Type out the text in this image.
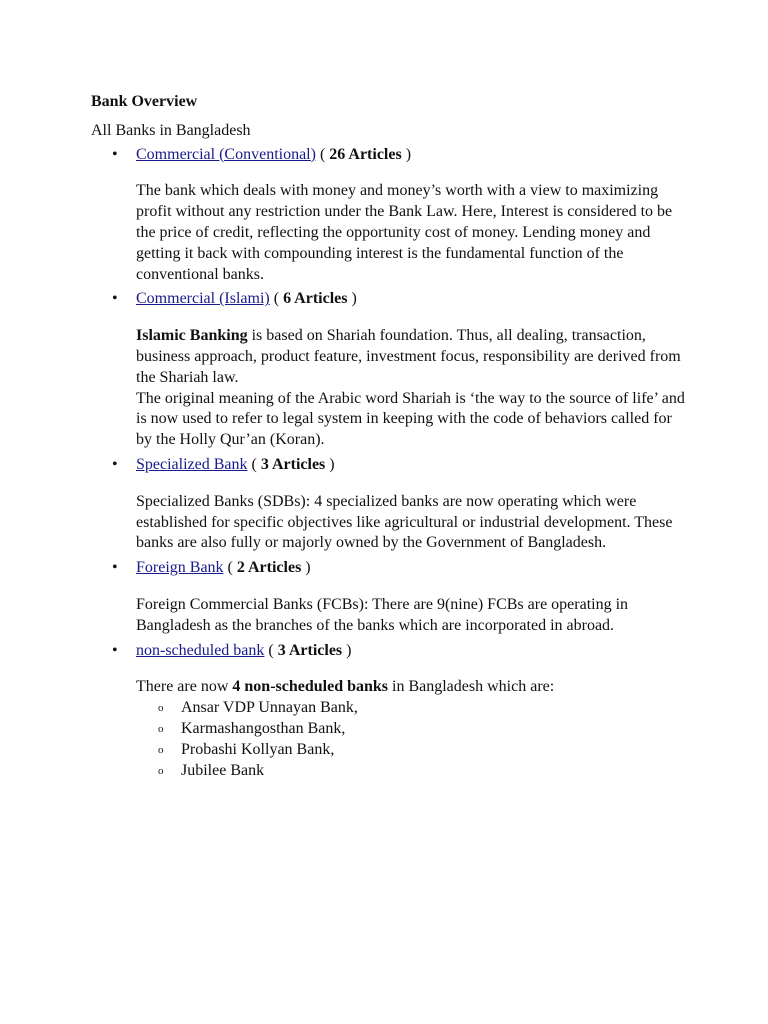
Bank Overview
All Banks in Bangladesh
• Commercial (Conventional) ( 26 Articles )

The bank which deals with money and money’s worth with a view to maximizing profit without any restriction under the Bank Law. Here, Interest is considered to be the price of credit, reflecting the opportunity cost of money. Lending money and getting it back with compounding interest is the fundamental function of the conventional banks.

• Commercial (Islami) ( 6 Articles )

Islamic Banking is based on Shariah foundation. Thus, all dealing, transaction, business approach, product feature, investment focus, responsibility are derived from the Shariah law.

The original meaning of the Arabic word Shariah is ‘the way to the source of life’ and is now used to refer to legal system in keeping with the code of behaviors called for by the Holly Qur’an (Koran).

• Specialized Bank ( 3 Articles )

Specialized Banks (SDBs): 4 specialized banks are now operating which were established for specific objectives like agricultural or industrial development. These banks are also fully or majorly owned by the Government of Bangladesh.

• Foreign Bank ( 2 Articles )

Foreign Commercial Banks (FCBs): There are 9(nine) FCBs are operating in Bangladesh as the branches of the banks which are incorporated in abroad.

• non-scheduled bank ( 3 Articles )

There are now 4 non-scheduled banks in Bangladesh which are:

o Ansar VDP Unnayan Bank,
o Karmashangosthan Bank,
o Probashi Kollyan Bank,
o Jubilee Bank
